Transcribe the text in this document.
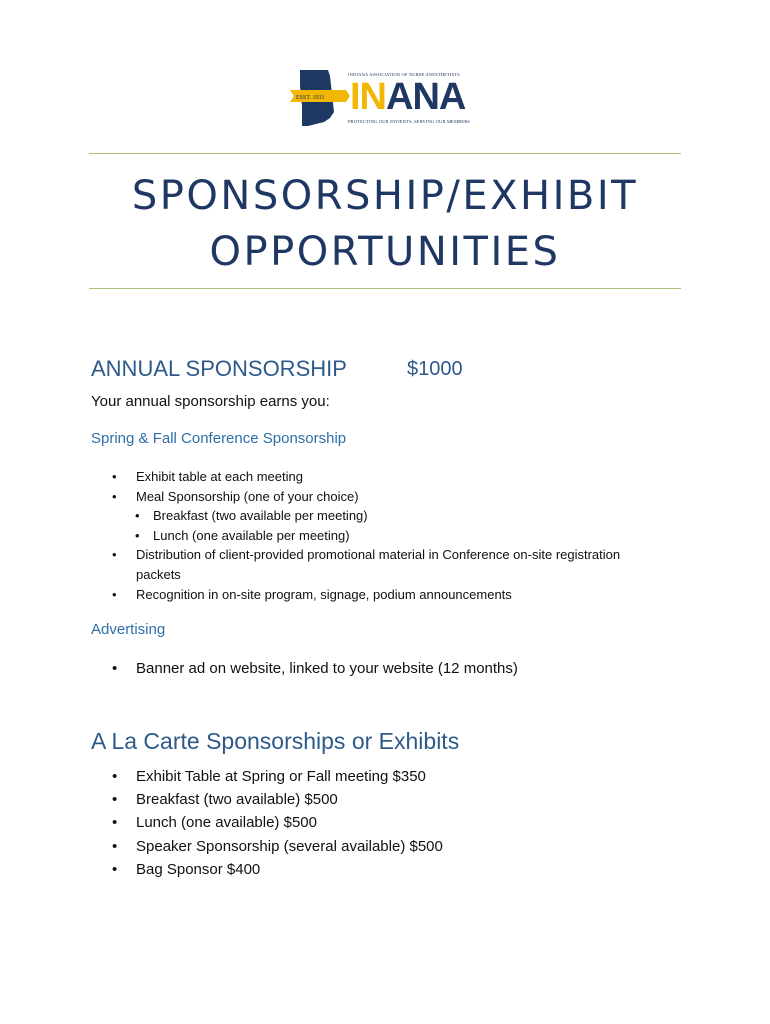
INDIANA ASSOCIATION OF NURSE ANESTHETISTS
ESST. 1933 INANA
PROTECTING OUR PATIENTS, SERVING OUR MEMBERS
SPONSORSHIP/EXHIBIT
OPPORTUNITIES
ANNUAL SPONSORSHIP	$1000
Your annual sponsorship earns you:
Spring & Fall Conference Sponsorship
• Exhibit table at each meeting
• Meal Sponsorship (one of your choice)
• Breakfast (two available per meeting)
• Lunch (one available per meeting)
• Distribution of client-provided promotional material in Conference on-site registration
packets
• Recognition in on-site program, signage, podium announcements
Advertising
• Banner ad on website, linked to your website (12 months)
A La Carte Sponsorships or Exhibits
• Exhibit Table at Spring or Fall meeting $350
• Breakfast (two available) $500
• Lunch (one available) $500
• Speaker Sponsorship (several available) $500
• Bag Sponsor $400
